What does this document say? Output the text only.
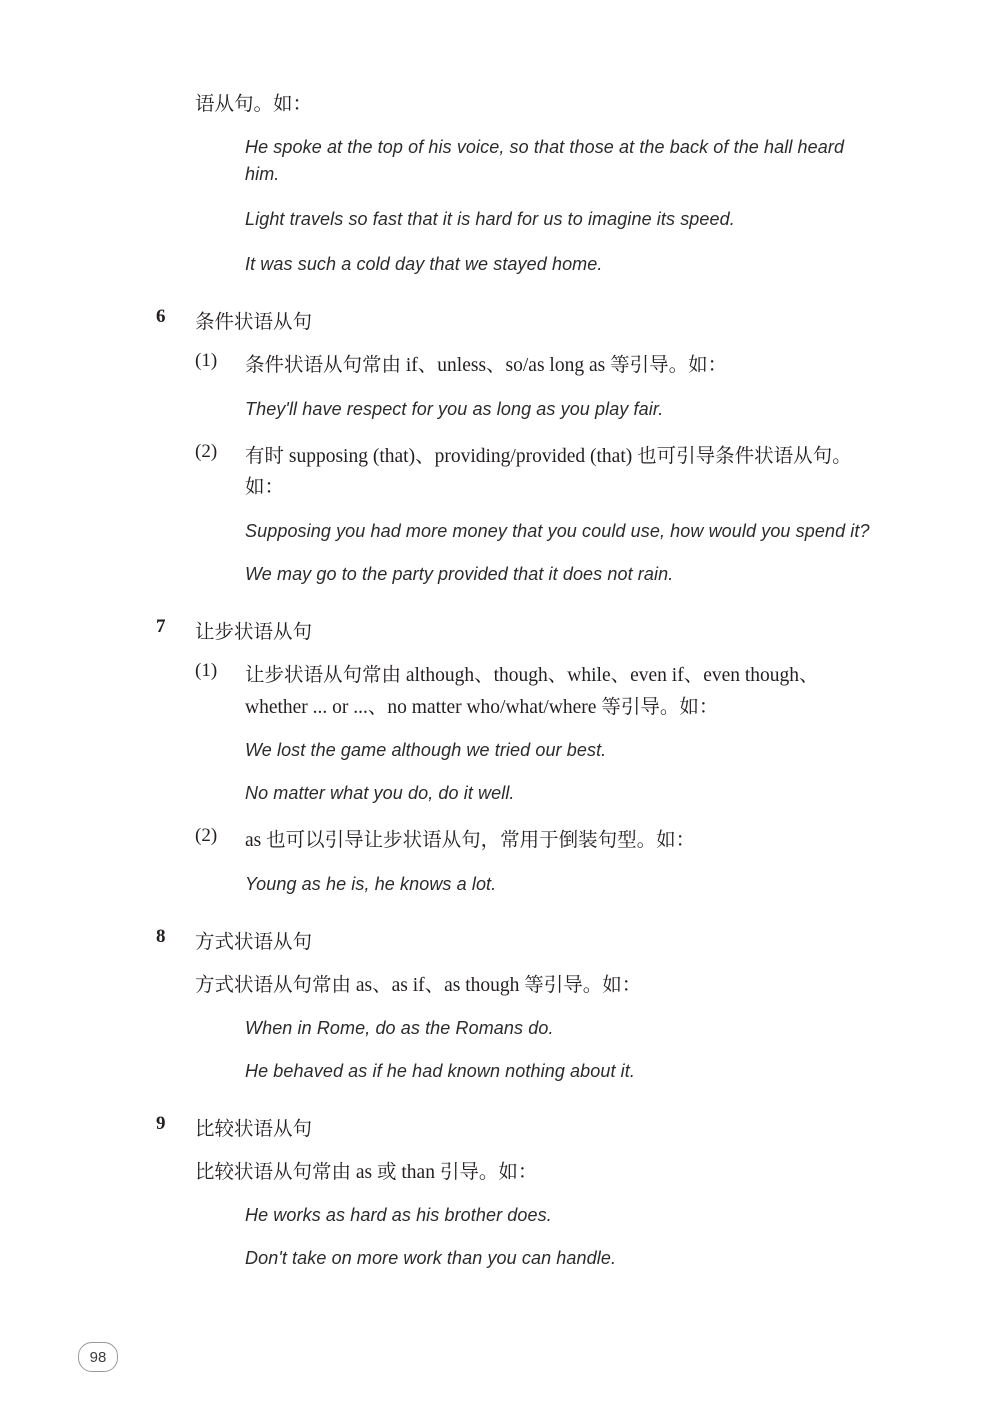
语从句。如：
He spoke at the top of his voice, so that those at the back of the hall heard him.
Light travels so fast that it is hard for us to imagine its speed.
It was such a cold day that we stayed home.
6 条件状语从句
(1) 条件状语从句常由 if、unless、so/as long as 等引导。如：
They'll have respect for you as long as you play fair.
(2) 有时 supposing (that)、providing/provided (that) 也可引导条件状语从句。如：
Supposing you had more money that you could use, how would you spend it?
We may go to the party provided that it does not rain.
7 让步状语从句
(1) 让步状语从句常由 although、though、while、even if、even though、whether ... or ...、no matter who/what/where 等引导。如：
We lost the game although we tried our best.
No matter what you do, do it well.
(2) as 也可以引导让步状语从句，常用于倒装句型。如：
Young as he is, he knows a lot.
8 方式状语从句
方式状语从句常由 as、as if、as though 等引导。如：
When in Rome, do as the Romans do.
He behaved as if he had known nothing about it.
9 比较状语从句
比较状语从句常由 as 或 than 引导。如：
He works as hard as his brother does.
Don't take on more work than you can handle.
98
